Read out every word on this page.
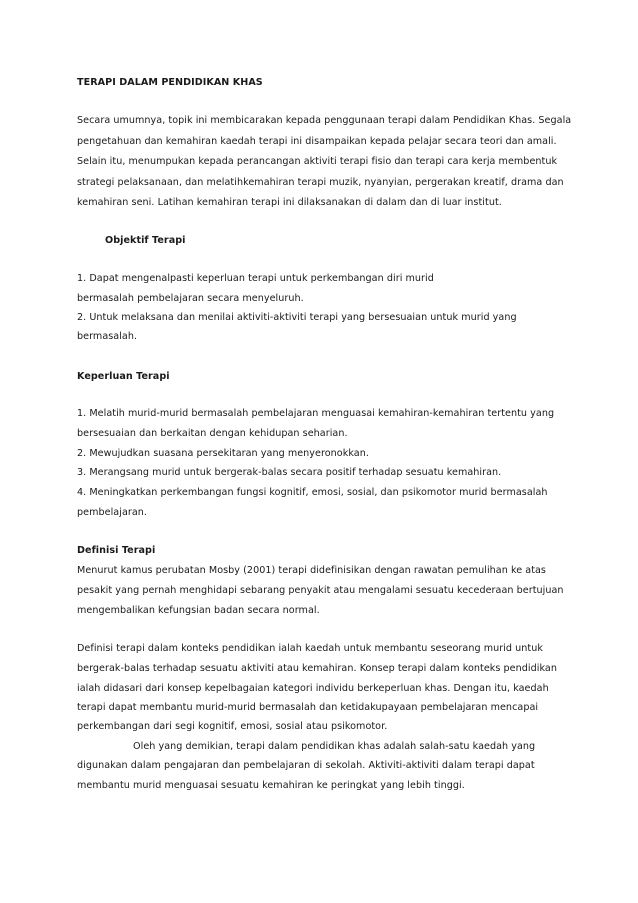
TERAPI DALAM PENDIDIKAN KHAS
Secara umumnya, topik ini membicarakan kepada penggunaan terapi dalam Pendidikan Khas. Segala
pengetahuan dan kemahiran kaedah terapi ini disampaikan kepada pelajar secara teori dan amali.
Selain itu, menumpukan kepada perancangan aktiviti terapi fisio dan terapi cara kerja membentuk
strategi pelaksanaan, dan melatihkemahiran terapi muzik, nyanyian, pergerakan kreatif, drama dan
kemahiran seni. Latihan kemahiran terapi ini dilaksanakan di dalam dan di luar institut.
Objektif Terapi
1. Dapat mengenalpasti keperluan terapi untuk perkembangan diri murid
bermasalah pembelajaran secara menyeluruh.
2. Untuk melaksana dan menilai aktiviti-aktiviti terapi yang bersesuaian untuk murid yang
bermasalah.
Keperluan Terapi
1. Melatih murid-murid bermasalah pembelajaran menguasai kemahiran-kemahiran tertentu yang
bersesuaian dan berkaitan dengan kehidupan seharian.
2. Mewujudkan suasana persekitaran yang menyeronokkan.
3. Merangsang murid untuk bergerak-balas secara positif terhadap sesuatu kemahiran.
4. Meningkatkan perkembangan fungsi kognitif, emosi, sosial, dan psikomotor murid bermasalah
pembelajaran.
Definisi Terapi
Menurut kamus perubatan Mosby (2001) terapi didefinisikan dengan rawatan pemulihan ke atas
pesakit yang pernah menghidapi sebarang penyakit atau mengalami sesuatu kecederaan bertujuan
mengembalikan kefungsian badan secara normal.
Definisi terapi dalam konteks pendidikan ialah kaedah untuk membantu seseorang murid untuk
bergerak-balas terhadap sesuatu aktiviti atau kemahiran. Konsep terapi dalam konteks pendidikan
ialah didasari dari konsep kepelbagaian kategori individu berkeperluan khas. Dengan itu, kaedah
terapi dapat membantu murid-murid bermasalah dan ketidakupayaan pembelajaran mencapai
perkembangan dari segi kognitif, emosi, sosial atau psikomotor.
Oleh yang demikian, terapi dalam pendidikan khas adalah salah-satu kaedah yang
digunakan dalam pengajaran dan pembelajaran di sekolah. Aktiviti-aktiviti dalam terapi dapat
membantu murid menguasai sesuatu kemahiran ke peringkat yang lebih tinggi.
